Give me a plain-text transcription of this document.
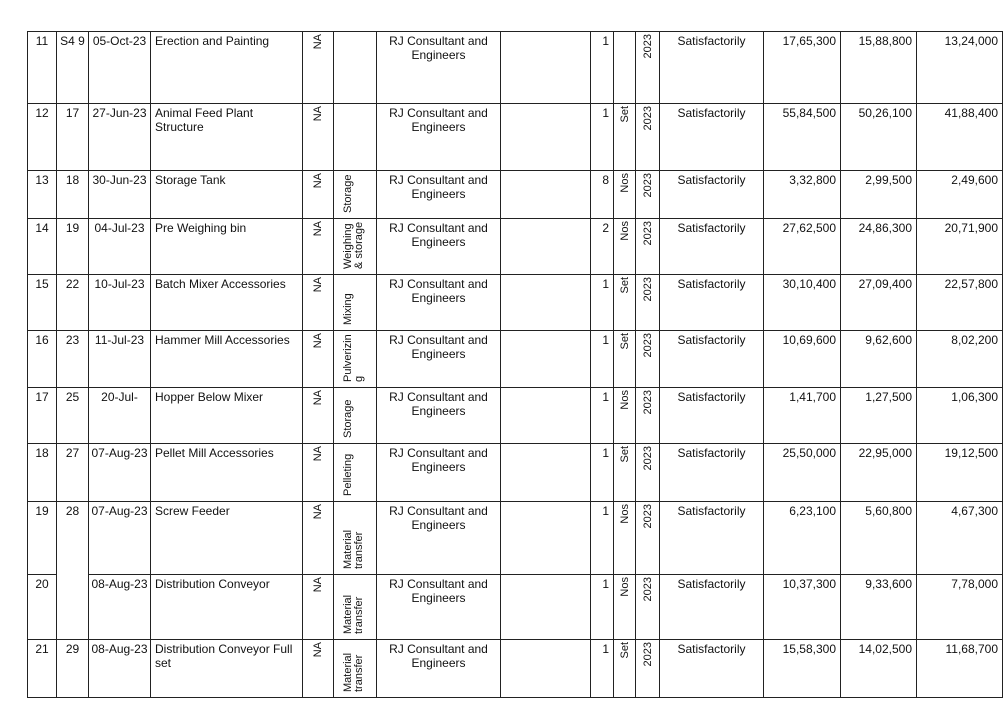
11	S4 9	05-Oct-23	Erection and Painting	NA		RJ Consultant and Engineers		1		2023	Satisfactorily	17,65,300	15,88,800	13,24,000
12	17	27-Jun-23	Animal Feed Plant Structure	NA		RJ Consultant and Engineers		1	Set	2023	Satisfactorily	55,84,500	50,26,100	41,88,400
13	18	30-Jun-23	Storage Tank	NA	Storage	RJ Consultant and Engineers		8	Nos	2023	Satisfactorily	3,32,800	2,99,500	2,49,600
14	19	04-Jul-23	Pre Weighing bin	NA	Weighing & storage	RJ Consultant and Engineers		2	Nos	2023	Satisfactorily	27,62,500	24,86,300	20,71,900
15	22	10-Jul-23	Batch Mixer Accessories	NA	Mixing	RJ Consultant and Engineers		1	Set	2023	Satisfactorily	30,10,400	27,09,400	22,57,800
16	23	11-Jul-23	Hammer Mill Accessories	NA	Pulverizin g	RJ Consultant and Engineers		1	Set	2023	Satisfactorily	10,69,600	9,62,600	8,02,200
17	25	20-Jul-	Hopper Below Mixer	NA	Storage	RJ Consultant and Engineers		1	Nos	2023	Satisfactorily	1,41,700	1,27,500	1,06,300
18	27	07-Aug-23	Pellet Mill Accessories	NA	Pelleting	RJ Consultant and Engineers		1	Set	2023	Satisfactorily	25,50,000	22,95,000	19,12,500
19	28	07-Aug-23	Screw Feeder	NA	Material transfer	RJ Consultant and Engineers		1	Nos	2023	Satisfactorily	6,23,100	5,60,800	4,67,300
20		08-Aug-23	Distribution Conveyor	NA	Material transfer	RJ Consultant and Engineers		1	Nos	2023	Satisfactorily	10,37,300	9,33,600	7,78,000
21	29	08-Aug-23	Distribution Conveyor Full set	NA	Material transfer	RJ Consultant and Engineers		1	Set	2023	Satisfactorily	15,58,300	14,02,500	11,68,700
